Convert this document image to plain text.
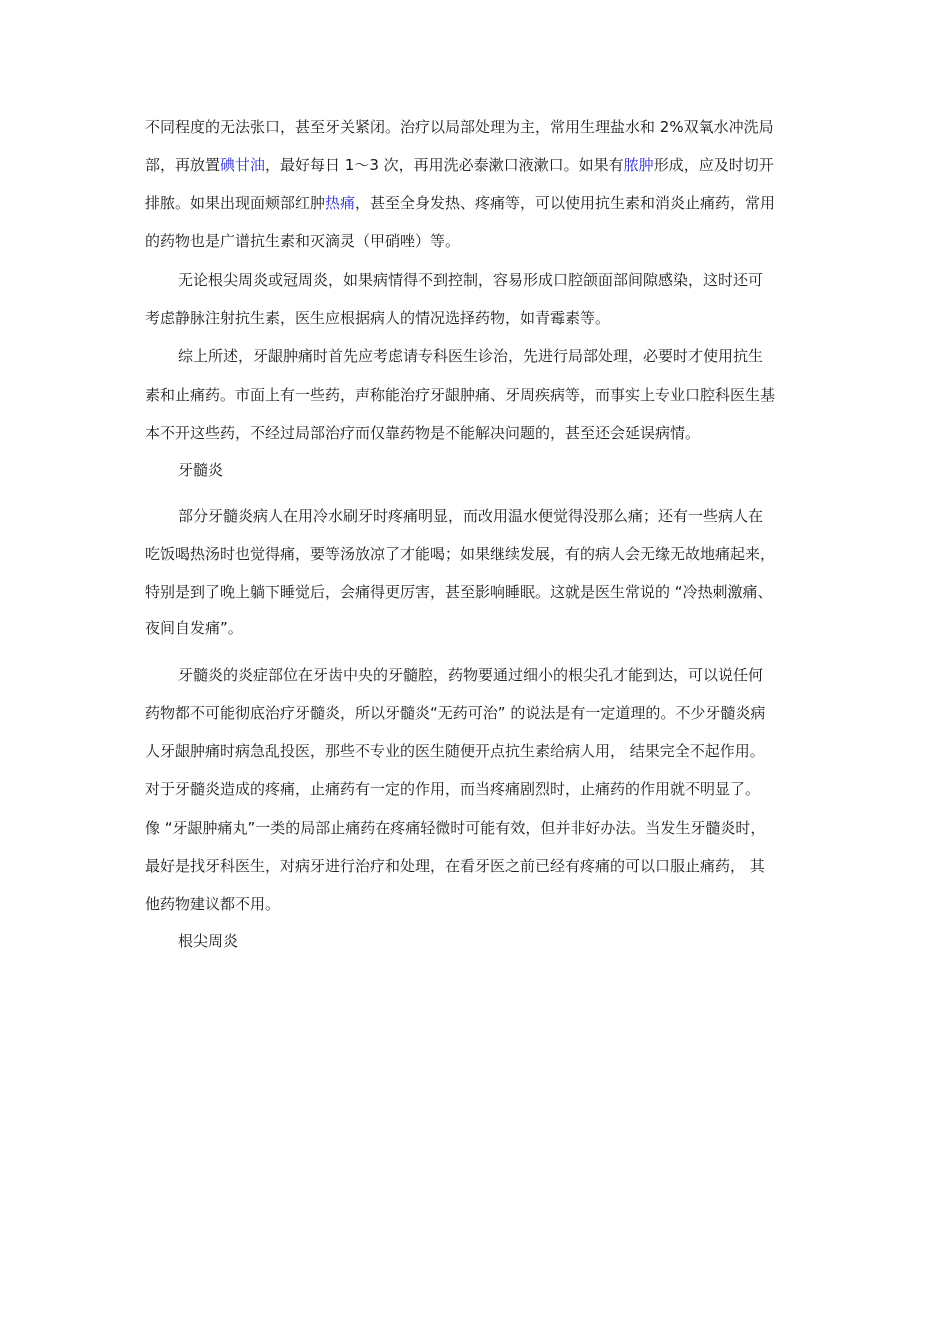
不同程度的无法张口，甚至牙关紧闭。治疗以局部处理为主，常用生理盐水和 2%双氧水冲洗局
部，再放置碘甘油，最好每日 1～3 次，再用洗必泰漱口液漱口。如果有脓肿形成，应及时切开
排脓。如果出现面颊部红肿热痛，甚至全身发热、疼痛等，可以使用抗生素和消炎止痛药，常用
的药物也是广谱抗生素和灭滴灵（甲硝唑）等。
无论根尖周炎或冠周炎，如果病情得不到控制，容易形成口腔颌面部间隙感染，这时还可
考虑静脉注射抗生素，医生应根据病人的情况选择药物，如青霉素等。
综上所述，牙龈肿痛时首先应考虑请专科医生诊治，先进行局部处理，必要时才使用抗生
素和止痛药。市面上有一些药，声称能治疗牙龈肿痛、牙周疾病等，而事实上专业口腔科医生基
本不开这些药，不经过局部治疗而仅靠药物是不能解决问题的，甚至还会延误病情。
牙髓炎
部分牙髓炎病人在用冷水刷牙时疼痛明显，而改用温水便觉得没那么痛；还有一些病人在
吃饭喝热汤时也觉得痛，要等汤放凉了才能喝；如果继续发展，有的病人会无缘无故地痛起来，
特别是到了晚上躺下睡觉后，会痛得更厉害，甚至影响睡眠。这就是医生常说的 “冷热刺激痛、
夜间自发痛”。
牙髓炎的炎症部位在牙齿中央的牙髓腔，药物要通过细小的根尖孔才能到达，可以说任何
药物都不可能彻底治疗牙髓炎，所以牙髓炎“无药可治” 的说法是有一定道理的。不少牙髓炎病
人牙龈肿痛时病急乱投医，那些不专业的医生随便开点抗生素给病人用， 结果完全不起作用。
对于牙髓炎造成的疼痛，止痛药有一定的作用，而当疼痛剧烈时，止痛药的作用就不明显了。
像 “牙龈肿痛丸”一类的局部止痛药在疼痛轻微时可能有效，但并非好办法。当发生牙髓炎时，
最好是找牙科医生，对病牙进行治疗和处理，在看牙医之前已经有疼痛的可以口服止痛药， 其
他药物建议都不用。
根尖周炎
